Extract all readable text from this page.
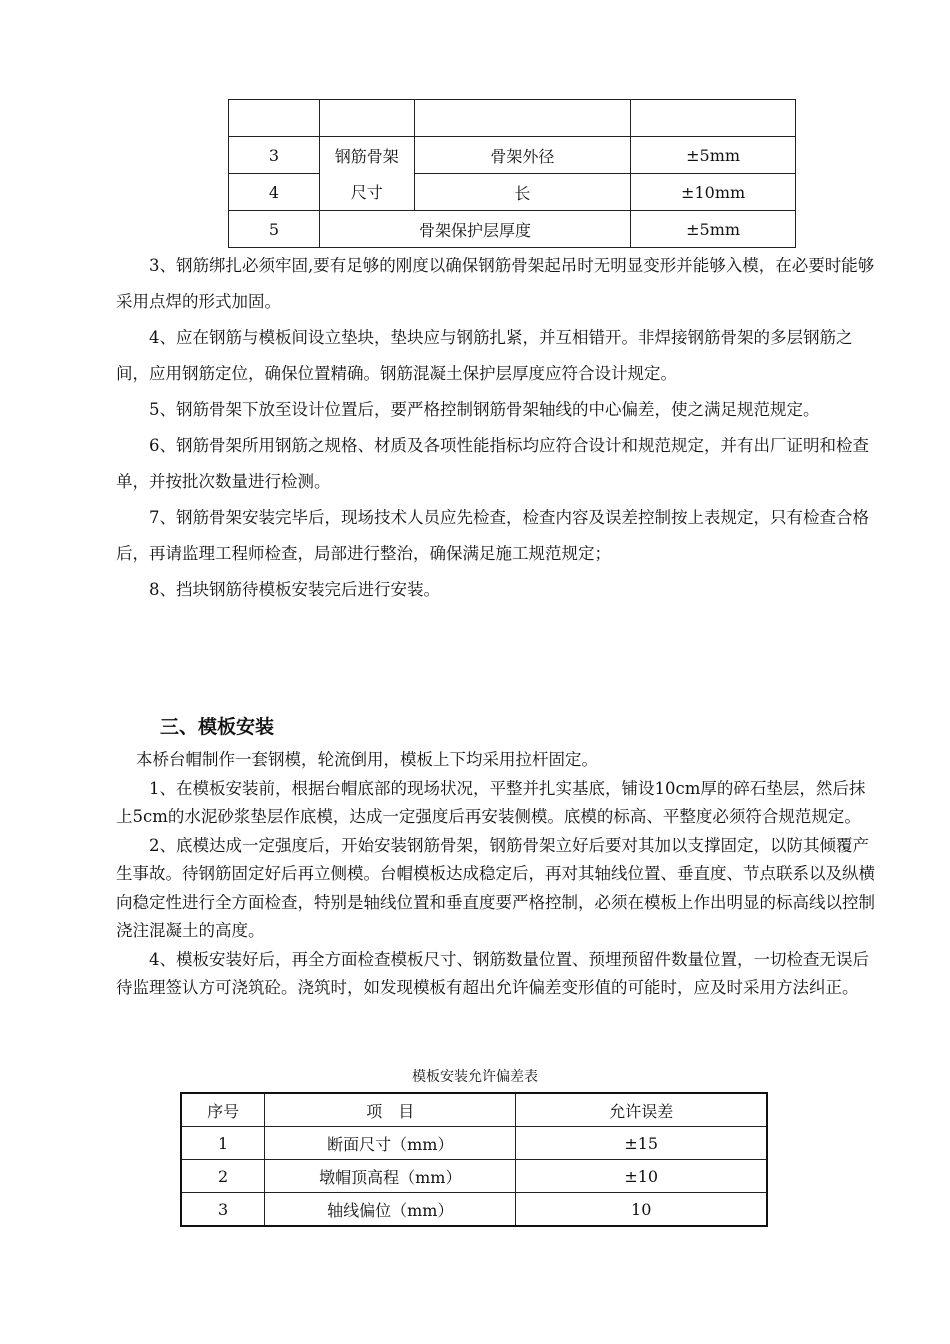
3	钢筋骨架	骨架外径	±5mm
4	尺寸	长	±10mm
5	骨架保护层厚度		±5mm

3、钢筋绑扎必须牢固,要有足够的刚度以确保钢筋骨架起吊时无明显变形并能够入模，在必要时能够采用点焊的形式加固。

4、应在钢筋与模板间设立垫块，垫块应与钢筋扎紧，并互相错开。非焊接钢筋骨架的多层钢筋之间，应用钢筋定位，确保位置精确。钢筋混凝土保护层厚度应符合设计规定。

5、钢筋骨架下放至设计位置后，要严格控制钢筋骨架轴线的中心偏差，使之满足规范规定。

6、钢筋骨架所用钢筋之规格、材质及各项性能指标均应符合设计和规范规定，并有出厂证明和检查单，并按批次数量进行检测。

7、钢筋骨架安装完毕后，现场技术人员应先检查，检查内容及误差控制按上表规定，只有检查合格后，再请监理工程师检查，局部进行整治，确保满足施工规范规定；

8、挡块钢筋待模板安装完后进行安装。

三、模板安装

本桥台帽制作一套钢模，轮流倒用，模板上下均采用拉杆固定。

1、在模板安装前，根据台帽底部的现场状况，平整并扎实基底，铺设10cm厚的碎石垫层，然后抹上5cm的水泥砂浆垫层作底模，达成一定强度后再安装侧模。底模的标高、平整度必须符合规范规定。

2、底模达成一定强度后，开始安装钢筋骨架，钢筋骨架立好后要对其加以支撑固定，以防其倾覆产生事故。待钢筋固定好后再立侧模。台帽模板达成稳定后，再对其轴线位置、垂直度、节点联系以及纵横向稳定性进行全方面检查，特别是轴线位置和垂直度要严格控制，必须在模板上作出明显的标高线以控制浇注混凝土的高度。

4、模板安装好后，再全方面检查模板尺寸、钢筋数量位置、预埋预留件数量位置，一切检查无误后待监理签认方可浇筑砼。浇筑时，如发现模板有超出允许偏差变形值的可能时，应及时采用方法纠正。

模板安装允许偏差表
序号	项　目	允许误差
1	断面尺寸（mm）	±15
2	墩帽顶高程（mm）	±10
3	轴线偏位（mm）	10
